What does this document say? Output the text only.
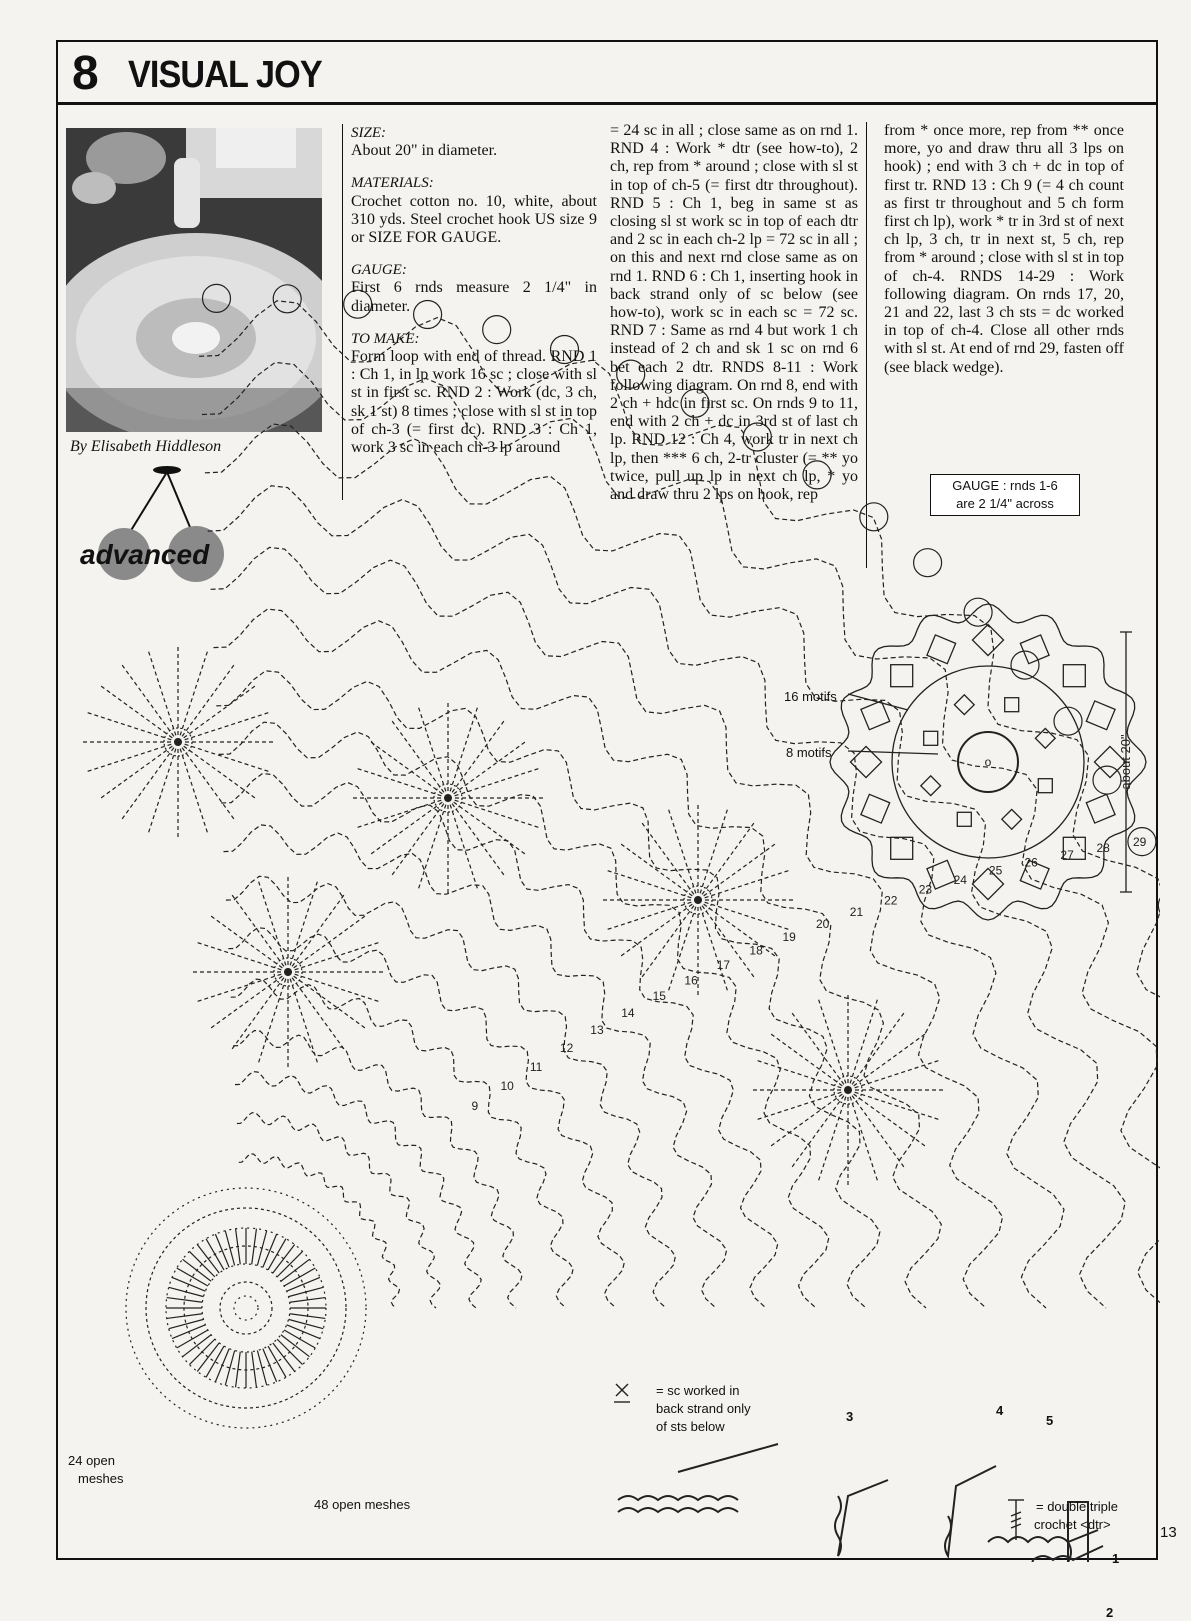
8 VISUAL JOY
By Elisabeth Hiddleson
advanced

SIZE:

About 20" in diameter.

MATERIALS:

Crochet cotton no. 10, white, about 310 yds. Steel crochet hook US size 9 or SIZE FOR GAUGE.

GAUGE:

First 6 rnds measure 2 1/4" in diameter.

TO MAKE:

Form loop with end of thread. RND 1 : Ch 1, in lp work 16 sc ; close with sl st in first sc. RND 2 : Work (dc, 3 ch, sk 1 st) 8 times ; close with sl st in top of ch-3 (= first dc). RND 3 : Ch 1, work 3 sc in each ch-3 lp around

= 24 sc in all ; close same as on rnd 1. RND 4 : Work * dtr (see how-to), 2 ch, rep from * around ; close with sl st in top of ch-5 (= first dtr throughout). RND 5 : Ch 1, beg in same st as closing sl st work sc in top of each dtr and 2 sc in each ch-2 lp = 72 sc in all ; on this and next rnd close same as on rnd 1. RND 6 : Ch 1, inserting hook in back strand only of sc below (see how-to), work sc in each sc = 72 sc. RND 7 : Same as rnd 4 but work 1 ch instead of 2 ch and sk 1 sc on rnd 6 bet each 2 dtr. RNDS 8-11 : Work following diagram. On rnd 8, end with 2 ch + hdc in first sc. On rnds 9 to 11, end with 2 ch + dc in 3rd st of last ch lp. RND 12 : Ch 4, work tr in next ch lp, then *** 6 ch, 2-tr cluster (= ** yo twice, pull up lp in next ch lp, * yo and draw thru 2 lps on hook, rep

from * once more, rep from ** once more, yo and draw thru all 3 lps on hook) ; end with 3 ch + dc in top of first tr. RND 13 : Ch 9 (= 4 ch count as first tr throughout and 5 ch form first ch lp), work * tr in 3rd st of next ch lp, 3 ch, tr in next st, 5 ch, rep from * around ; close with sl st in top of ch-4. RNDS 14-29 : Work following diagram. On rnds 17, 20, 21 and 22, last 3 ch sts = dc worked in top of ch-4. Close all other rnds with sl st. At end of rnd 29, fasten off (see black wedge).

GAUGE : rnds 1-6
are 2 1/4" across
9
10
11
12
13
14
15
16
17
18
19
20
21
22
23
24
25
26
27 28 29
o	about 20"
16 motifs
8 motifs
= double triple
crochet <dtr>
= sc worked in
back strand only
of sts below
1
2
3	4
5
24 open
meshes
48 open meshes
13
